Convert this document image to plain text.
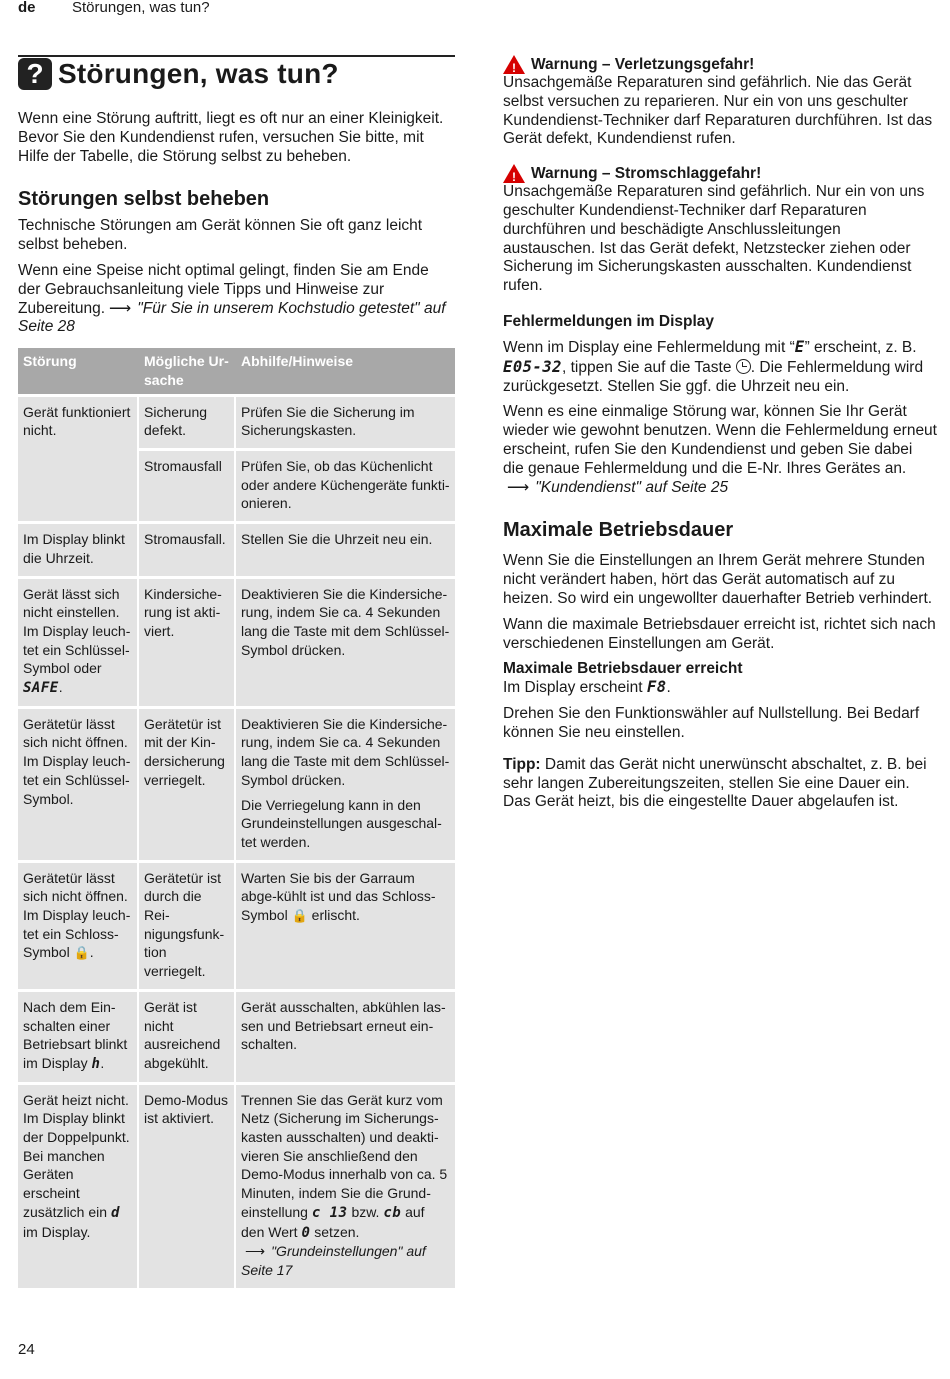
de Störungen, was tun?
? Störungen, was tun?

Wenn eine Störung auftritt, liegt es oft nur an einer Kleinigkeit. Bevor Sie den Kundendienst rufen, versuchen Sie bitte, mit Hilfe der Tabelle, die Störung selbst zu beheben.

Störungen selbst beheben

Technische Störungen am Gerät können Sie oft ganz leicht selbst beheben.

Wenn eine Speise nicht optimal gelingt, finden Sie am Ende der Gebrauchsanleitung viele Tipps und Hinweise zur Zubereitung. ⟶ "Für Sie in unserem Kochstudio getestet" auf Seite 28

Störung	Mögliche Ur-sache	Abhilfe/Hinweise
Gerät funktioniert nicht.	Sicherung defekt.	Prüfen Sie die Sicherung im Sicherungskasten.
	Stromausfall	Prüfen Sie, ob das Küchenlicht oder andere Küchengeräte funkti-onieren.
Im Display blinkt die Uhrzeit.	Stromausfall.	Stellen Sie die Uhrzeit neu ein.
Gerät lässt sich nicht einstellen. Im Display leuch-tet ein Schlüssel-Symbol oder SAFE.	Kindersiche-rung ist akti-viert.	Deaktivieren Sie die Kindersiche-rung, indem Sie ca. 4 Sekunden lang die Taste mit dem Schlüssel-Symbol drücken.
Gerätetür lässt sich nicht öffnen. Im Display leuch-tet ein Schlüssel-Symbol.	Gerätetür ist mit der Kin-dersicherung verriegelt.	Deaktivieren Sie die Kindersiche-rung, indem Sie ca. 4 Sekunden lang die Taste mit dem Schlüssel-Symbol drücken.
Die Verriegelung kann in den Grundeinstellungen ausgeschal-tet werden.

Gerätetür lässt sich nicht öffnen. Im Display leuch-tet ein Schloss-Symbol 🔒.	Gerätetür ist durch die Rei-nigungsfunk-tion verriegelt.	Warten Sie bis der Garraum abge-kühlt ist und das Schloss-Symbol 🔒 erlischt.
Nach dem Ein-schalten einer Betriebsart blinkt im Display h.	Gerät ist nicht ausreichend abgekühlt.	Gerät ausschalten, abkühlen las-sen und Betriebsart erneut ein-schalten.
Gerät heizt nicht. Im Display blinkt der Doppelpunkt. Bei manchen Geräten erscheint zusätzlich ein d im Display.	Demo-Modus ist aktiviert.	Trennen Sie das Gerät kurz vom Netz (Sicherung im Sicherungs-kasten ausschalten) und deakti-vieren Sie anschließend den Demo-Modus innerhalb von ca. 5 Minuten, indem Sie die Grund-einstellung c 13 bzw. cb auf den Wert 0 setzen.
⟶ "Grundeinstellungen" auf Seite 17
! Warnung – Verletzungsgefahr!

Unsachgemäße Reparaturen sind gefährlich. Nie das Gerät selbst versuchen zu reparieren. Nur ein von uns geschulter Kundendienst-Techniker darf Reparaturen durchführen. Ist das Gerät defekt, Kundendienst rufen.

! Warnung – Stromschlaggefahr!

Unsachgemäße Reparaturen sind gefährlich. Nur ein von uns geschulter Kundendienst-Techniker darf Reparaturen durchführen und beschädigte Anschlussleitungen austauschen. Ist das Gerät defekt, Netzstecker ziehen oder Sicherung im Sicherungskasten ausschalten. Kundendienst rufen.

Fehlermeldungen im Display

Wenn im Display eine Fehlermeldung mit “E” erscheint, z. B. E05-32, tippen Sie auf die Taste . Die Fehlermeldung wird zurückgesetzt. Stellen Sie ggf. die Uhrzeit neu ein.

Wenn es eine einmalige Störung war, können Sie Ihr Gerät wieder wie gewohnt benutzen. Wenn die Fehlermeldung erneut erscheint, rufen Sie den Kundendienst und geben Sie dabei die genaue Fehlermeldung und die E-Nr. Ihres Gerätes an.
⟶ "Kundendienst" auf Seite 25

Maximale Betriebsdauer

Wenn Sie die Einstellungen an Ihrem Gerät mehrere Stunden nicht verändert haben, hört das Gerät automatisch auf zu heizen. So wird ein ungewollter dauerhafter Betrieb verhindert.

Wann die maximale Betriebsdauer erreicht ist, richtet sich nach verschiedenen Einstellungen am Gerät.

Maximale Betriebsdauer erreicht

Im Display erscheint F8.

Drehen Sie den Funktionswähler auf Nullstellung. Bei Bedarf können Sie neu einstellen.

Tipp: Damit das Gerät nicht unerwünscht abschaltet, z. B. bei sehr langen Zubereitungszeiten, stellen Sie eine Dauer ein. Das Gerät heizt, bis die eingestellte Dauer abgelaufen ist.

24
